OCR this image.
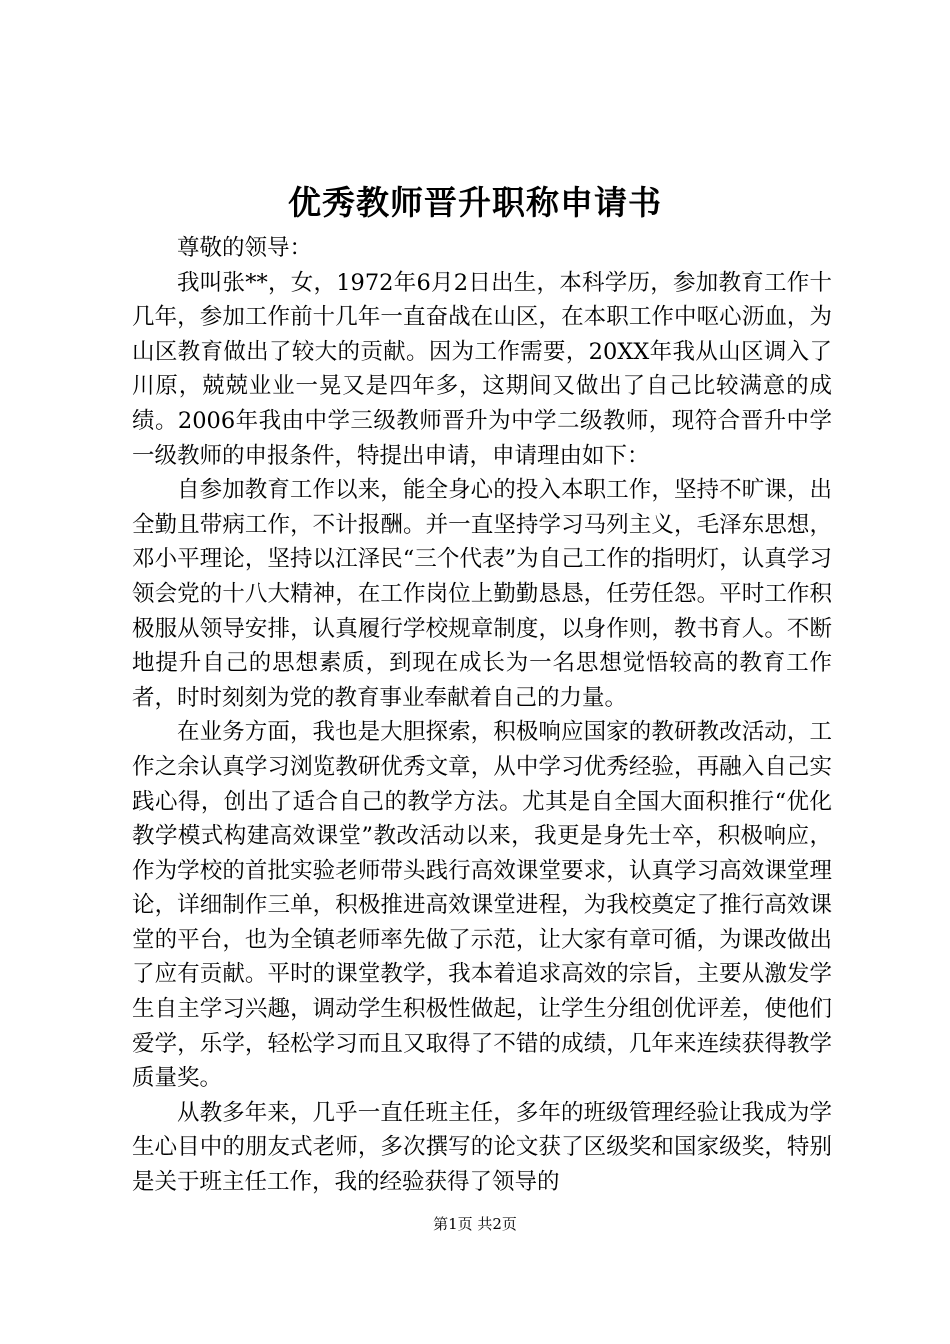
优秀教师晋升职称申请书

尊敬的领导：

我叫张**，女，1972年6月2日出生，本科学历，参加教育工作十几年，参加工作前十几年一直奋战在山区，在本职工作中呕心沥血，为山区教育做出了较大的贡献。因为工作需要，20XX年我从山区调入了川原，兢兢业业一晃又是四年多，这期间又做出了自己比较满意的成绩。2006年我由中学三级教师晋升为中学二级教师，现符合晋升中学一级教师的申报条件，特提出申请，申请理由如下：

自参加教育工作以来，能全身心的投入本职工作，坚持不旷课，出全勤且带病工作，不计报酬。并一直坚持学习马列主义，毛泽东思想，邓小平理论，坚持以江泽民“三个代表”为自己工作的指明灯，认真学习领会党的十八大精神，在工作岗位上勤勤恳恳，任劳任怨。平时工作积极服从领导安排，认真履行学校规章制度，以身作则，教书育人。不断地提升自己的思想素质，到现在成长为一名思想觉悟较高的教育工作者，时时刻刻为党的教育事业奉献着自己的力量。

在业务方面，我也是大胆探索，积极响应国家的教研教改活动，工作之余认真学习浏览教研优秀文章，从中学习优秀经验，再融入自己实践心得，创出了适合自己的教学方法。尤其是自全国大面积推行“优化教学模式构建高效课堂”教改活动以来，我更是身先士卒，积极响应，作为学校的首批实验老师带头践行高效课堂要求，认真学习高效课堂理论，详细制作三单，积极推进高效课堂进程，为我校奠定了推行高效课堂的平台，也为全镇老师率先做了示范，让大家有章可循，为课改做出了应有贡献。平时的课堂教学，我本着追求高效的宗旨，主要从激发学生自主学习兴趣，调动学生积极性做起，让学生分组创优评差，使他们爱学，乐学，轻松学习而且又取得了不错的成绩，几年来连续获得教学质量奖。

从教多年来，几乎一直任班主任，多年的班级管理经验让我成为学生心目中的朋友式老师，多次撰写的论文获了区级奖和国家级奖，特别是关于班主任工作，我的经验获得了领导的

第1页 共2页
